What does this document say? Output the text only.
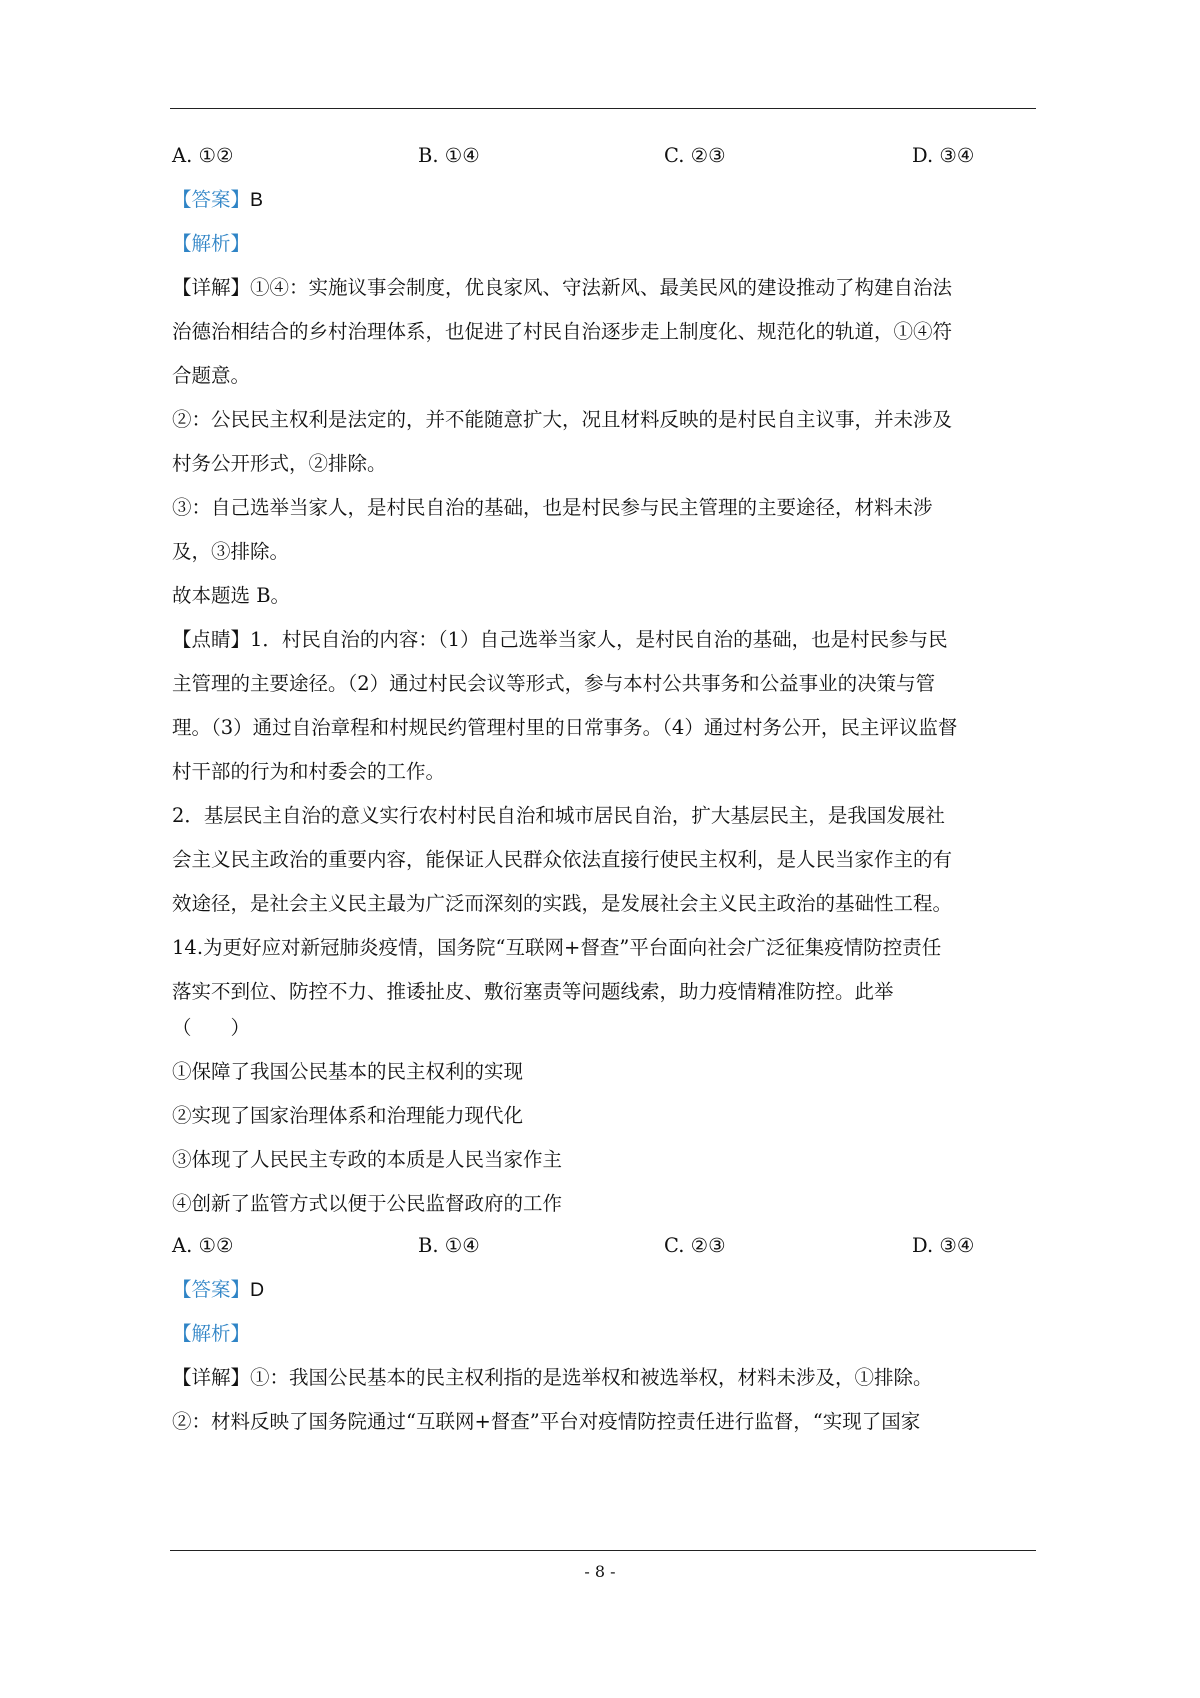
A. ①②	B. ①④	C. ②③	D. ③④
【答案】B
【解析】
【详解】①④：实施议事会制度，优良家风、守法新风、最美民风的建设推动了构建自治法
治德治相结合的乡村治理体系，也促进了村民自治逐步走上制度化、规范化的轨道，①④符
合题意。
②：公民民主权利是法定的，并不能随意扩大，况且材料反映的是村民自主议事，并未涉及
村务公开形式，②排除。
③：自己选举当家人，是村民自治的基础，也是村民参与民主管理的主要途径，材料未涉
及，③排除。
故本题选 B。
【点睛】1．村民自治的内容：（1）自己选举当家人，是村民自治的基础，也是村民参与民
主管理的主要途径。（2）通过村民会议等形式，参与本村公共事务和公益事业的决策与管
理。（3）通过自治章程和村规民约管理村里的日常事务。（4）通过村务公开，民主评议监督
村干部的行为和村委会的工作。
2．基层民主自治的意义实行农村村民自治和城市居民自治，扩大基层民主，是我国发展社
会主义民主政治的重要内容，能保证人民群众依法直接行使民主权利，是人民当家作主的有
效途径，是社会主义民主最为广泛而深刻的实践，是发展社会主义民主政治的基础性工程。
14.为更好应对新冠肺炎疫情，国务院“互联网+督查”平台面向社会广泛征集疫情防控责任
落实不到位、防控不力、推诿扯皮、敷衍塞责等问题线索，助力疫情精准防控。此举
（　　）
①保障了我国公民基本的民主权利的实现
②实现了国家治理体系和治理能力现代化
③体现了人民民主专政的本质是人民当家作主
④创新了监管方式以便于公民监督政府的工作
A. ①②	B. ①④	C. ②③	D. ③④
【答案】D
【解析】
【详解】①：我国公民基本的民主权利指的是选举权和被选举权，材料未涉及，①排除。
②：材料反映了国务院通过“互联网+督查”平台对疫情防控责任进行监督，“实现了国家
- 8 -
